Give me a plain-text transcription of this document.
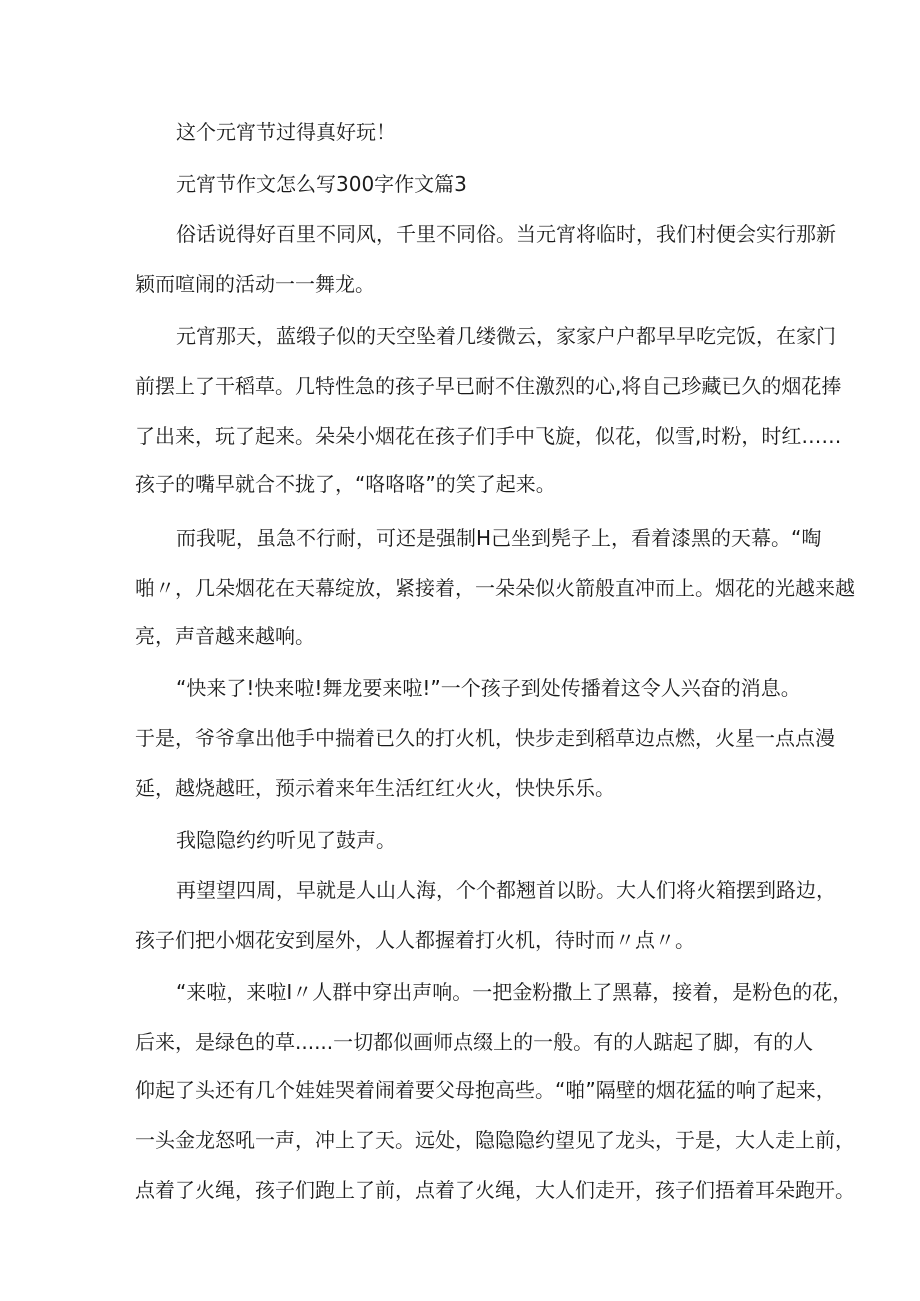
这个元宵节过得真好玩！
元宵节作文怎么写300字作文篇3
俗话说得好百里不同风，千里不同俗。当元宵将临时，我们村便会实行那新
颖而喧闹的活动一一舞龙。
元宵那天，蓝缎子似的天空坠着几缕微云，家家户户都早早吃完饭，在家门
前摆上了干稻草。几特性急的孩子早已耐不住激烈的心,将自己珍藏已久的烟花捧
了出来，玩了起来。朵朵小烟花在孩子们手中飞旋，似花，似雪,时粉，时红……
孩子的嘴早就合不拢了，“咯咯咯”的笑了起来。
而我呢，虽急不行耐，可还是强制H己坐到髡子上，看着漆黑的天幕。“啕
啪〃，几朵烟花在天幕绽放，紧接着，一朵朵似火箭般直冲而上。烟花的光越来越
亮，声音越来越响。
“快来了!快来啦!舞龙要来啦!”一个孩子到处传播着这令人兴奋的消息。
于是，爷爷拿出他手中揣着已久的打火机，快步走到稻草边点燃，火星一点点漫
延，越烧越旺，预示着来年生活红红火火，快快乐乐。
我隐隐约约听见了鼓声。
再望望四周，早就是人山人海，个个都翘首以盼。大人们将火箱摆到路边，
孩子们把小烟花安到屋外，人人都握着打火机，待时而〃点〃。
“来啦，来啦I〃人群中穿出声响。一把金粉撒上了黑幕，接着，是粉色的花，
后来，是绿色的草......一切都似画师点缀上的一般。有的人踮起了脚，有的人
仰起了头还有几个娃娃哭着闹着要父母抱高些。“啪”隔壁的烟花猛的响了起来，
一头金龙怒吼一声，冲上了天。远处，隐隐隐约望见了龙头，于是，大人走上前，
点着了火绳，孩子们跑上了前，点着了火绳，大人们走开，孩子们捂着耳朵跑开。
